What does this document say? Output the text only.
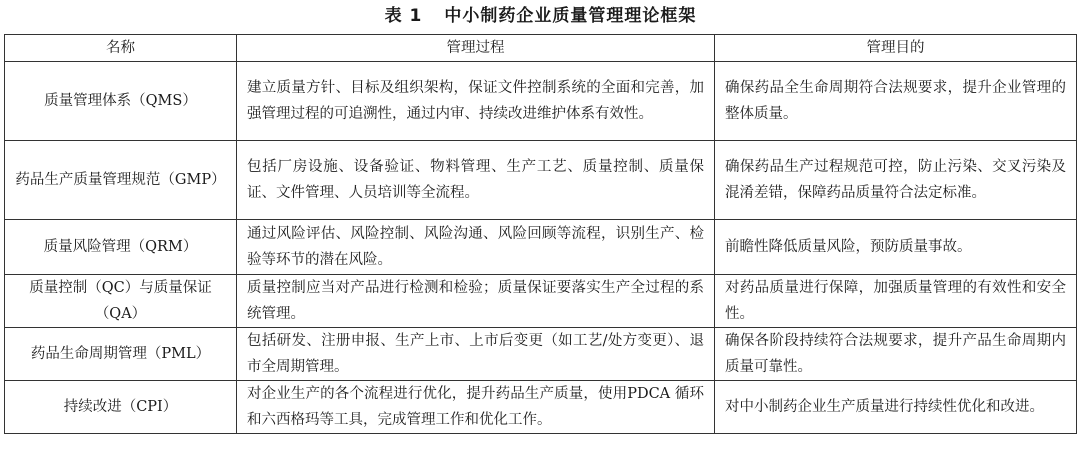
表 1 中小制药企业质量管理理论框架
名称	管理过程	管理目的
质量管理体系（QMS）	建立质量方针、目标及组织架构，保证文件控制系统的全面和完善，加强管理过程的可追溯性，通过内审、持续改进维护体系有效性。	确保药品全生命周期符合法规要求，提升企业管理的整体质量。
药品生产质量管理规范（GMP）	包括厂房设施、设备验证、物料管理、生产工艺、质量控制、质量保证、文件管理、人员培训等全流程。	确保药品生产过程规范可控，防止污染、交叉污染及混淆差错，保障药品质量符合法定标准。
质量风险管理（QRM）	通过风险评估、风险控制、风险沟通、风险回顾等流程，识别生产、检验等环节的潜在风险。	前瞻性降低质量风险，预防质量事故。
质量控制（QC）与质量保证（QA）	质量控制应当对产品进行检测和检验；质量保证要落实生产全过程的系统管理。	对药品质量进行保障，加强质量管理的有效性和安全性。
药品生命周期管理（PML）	包括研发、注册申报、生产上市、上市后变更（如工艺/处方变更）、退市全周期管理。	确保各阶段持续符合法规要求，提升产品生命周期内质量可靠性。
持续改进（CPI）	对企业生产的各个流程进行优化，提升药品生产质量，使用PDCA 循环和六西格玛等工具，完成管理工作和优化工作。	对中小制药企业生产质量进行持续性优化和改进。
